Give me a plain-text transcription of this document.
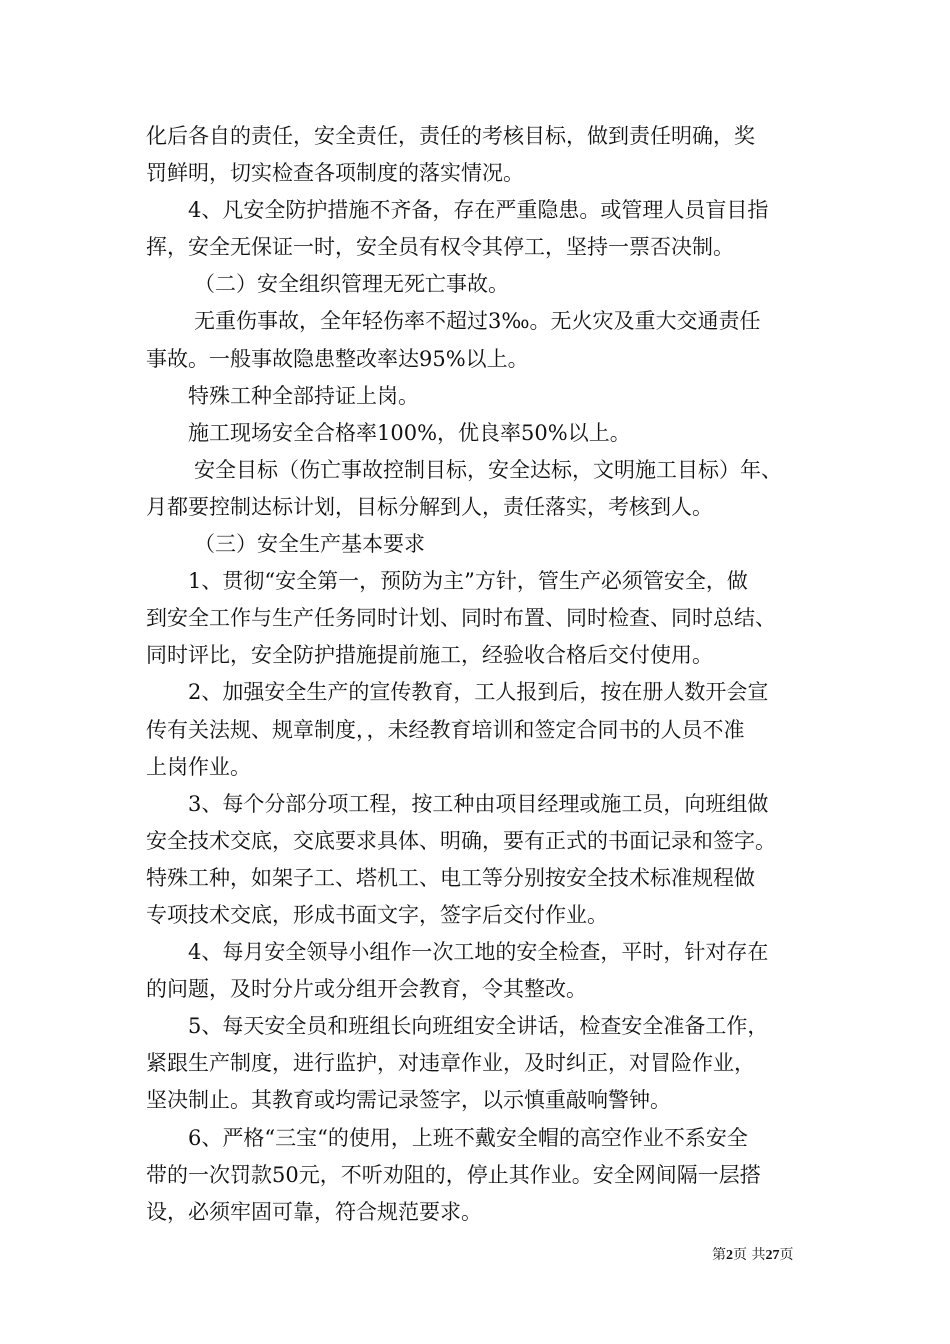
化后各自的责任，安全责任，责任的考核目标，做到责任明确，奖
罚鲜明，切实检查各项制度的落实情况。
4、凡安全防护措施不齐备，存在严重隐患。或管理人员盲目指
挥，安全无保证一时，安全员有权令其停工，坚持一票否决制。
（二）安全组织管理无死亡事故。
无重伤事故，全年轻伤率不超过3‰。无火灾及重大交通责任
事故。一般事故隐患整改率达95%以上。
特殊工种全部持证上岗。
施工现场安全合格率100%，优良率50%以上。
安全目标（伤亡事故控制目标，安全达标，文明施工目标）年、
月都要控制达标计划，目标分解到人，责任落实，考核到人。
（三）安全生产基本要求
1、贯彻“安全第一，预防为主”方针，管生产必须管安全，做
到安全工作与生产任务同时计划、同时布置、同时检查、同时总结、
同时评比，安全防护措施提前施工，经验收合格后交付使用。
2、加强安全生产的宣传教育，工人报到后，按在册人数开会宣
传有关法规、规章制度，，未经教育培训和签定合同书的人员不准
上岗作业。
3、每个分部分项工程，按工种由项目经理或施工员，向班组做
安全技术交底，交底要求具体、明确，要有正式的书面记录和签字。
特殊工种，如架子工、塔机工、电工等分别按安全技术标准规程做
专项技术交底，形成书面文字，签字后交付作业。
4、每月安全领导小组作一次工地的安全检查，平时，针对存在
的问题，及时分片或分组开会教育，令其整改。
5、每天安全员和班组长向班组安全讲话，检查安全准备工作，
紧跟生产制度，进行监护，对违章作业，及时纠正，对冒险作业，
坚决制止。其教育或均需记录签字，以示慎重敲响警钟。
6、严格“三宝“的使用，上班不戴安全帽的高空作业不系安全
带的一次罚款50元，不听劝阻的，停止其作业。安全网间隔一层搭
设，必须牢固可靠，符合规范要求。
第2页 共27页
